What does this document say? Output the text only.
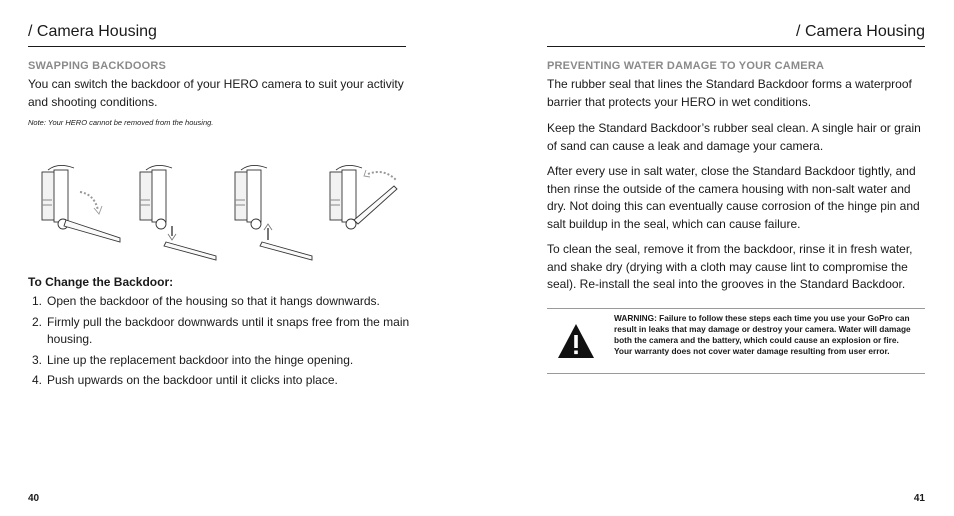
/ Camera Housing
SWAPPING BACKDOORS
You can switch the backdoor of your HERO camera to suit your activity and shooting conditions.
Note: Your HERO cannot be removed from the housing.
To Change the Backdoor:
1. Open the backdoor of the housing so that it hangs downwards.
2. Firmly pull the backdoor downwards until it snaps free from the main housing.
3. Line up the replacement backdoor into the hinge opening.
4. Push upwards on the backdoor until it clicks into place.
40
/ Camera Housing
PREVENTING WATER DAMAGE TO YOUR CAMERA
The rubber seal that lines the Standard Backdoor forms a waterproof barrier that protects your HERO in wet conditions.
Keep the Standard Backdoor’s rubber seal clean. A single hair or grain of sand can cause a leak and damage your camera.
After every use in salt water, close the Standard Backdoor tightly, and then rinse the outside of the camera housing with non-salt water and dry. Not doing this can eventually cause corrosion of the hinge pin and salt buildup in the seal, which can cause failure.
To clean the seal, remove it from the backdoor, rinse it in fresh water, and shake dry (drying with a cloth may cause lint to compromise the seal). Re-install the seal into the grooves in the Standard Backdoor.
WARNING: Failure to follow these steps each time you use your GoPro can result in leaks that may damage or destroy your camera. Water will damage both the camera and the battery, which could cause an explosion or fire. Your warranty does not cover water damage resulting from user error.
41
